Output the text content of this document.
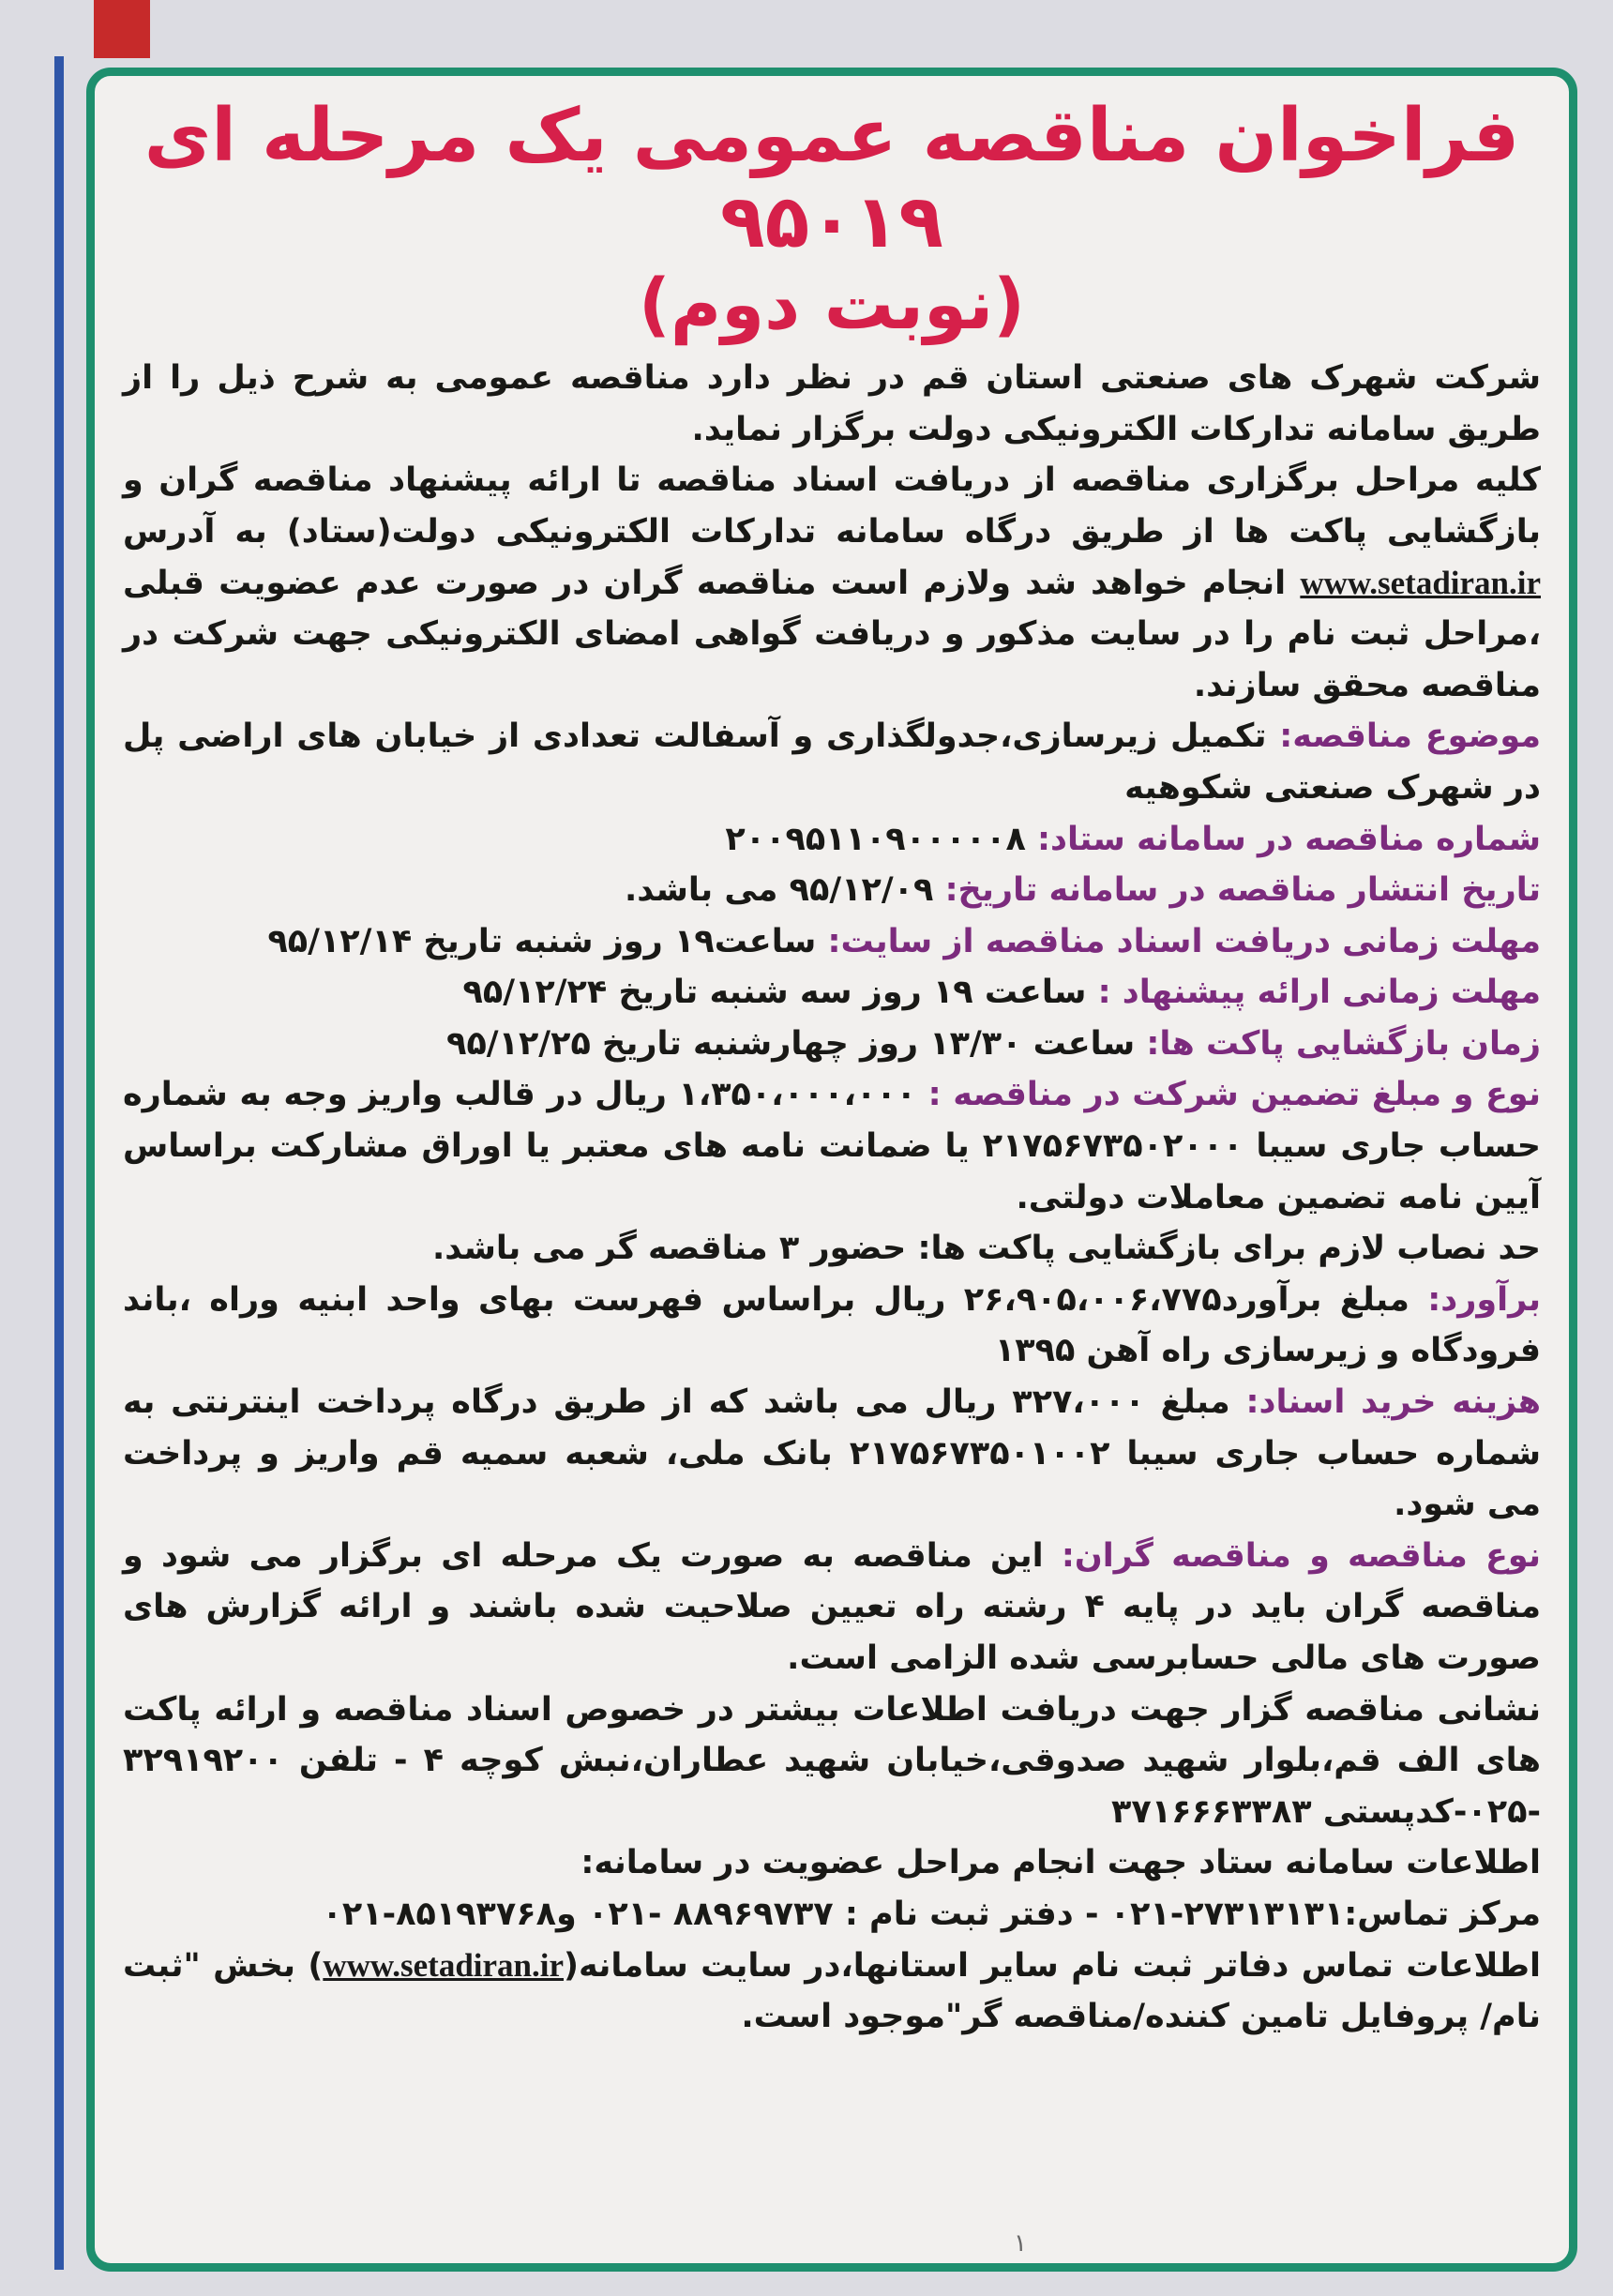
فراخوان مناقصه عمومی یک مرحله ای ۹۵۰۱۹
(نوبت دوم)

شرکت شهرک های صنعتی استان قم در نظر دارد مناقصه عمومی به شرح ذیل را از طریق سامانه تدارکات الکترونیکی دولت برگزار نماید.

کلیه مراحل برگزاری مناقصه از دریافت اسناد مناقصه تا ارائه پیشنهاد مناقصه گران و بازگشایی پاکت ها از طریق درگاه سامانه تدارکات الکترونیکی دولت(ستاد) به آدرس www.setadiran.ir انجام خواهد شد ولازم است مناقصه گران در صورت عدم عضویت قبلی ،مراحل ثبت نام را در سایت مذکور و دریافت گواهی امضای الکترونیکی جهت شرکت در مناقصه محقق سازند.

موضوع مناقصه: تکمیل زیرسازی،جدولگذاری و آسفالت تعدادی از خیابان های اراضی پل در شهرک صنعتی شکوهیه

شماره مناقصه در سامانه ستاد: ۲۰۰۹۵۱۱۰۹۰۰۰۰۰۸

تاریخ انتشار مناقصه در سامانه تاریخ: ۹۵/۱۲/۰۹ می باشد.

مهلت زمانی دریافت اسناد مناقصه از سایت: ساعت۱۹ روز شنبه تاریخ ۹۵/۱۲/۱۴

مهلت زمانی ارائه پیشنهاد : ساعت ۱۹ روز سه شنبه تاریخ ۹۵/۱۲/۲۴

زمان بازگشایی پاکت ها: ساعت ۱۳/۳۰ روز چهارشنبه تاریخ ۹۵/۱۲/۲۵

نوع و مبلغ تضمین شرکت در مناقصه : ۱،۳۵۰،۰۰۰،۰۰۰ ریال در قالب واریز وجه به شماره حساب جاری سیبا ۲۱۷۵۶۷۳۵۰۲۰۰۰ یا ضمانت نامه های معتبر یا اوراق مشارکت براساس آیین نامه تضمین معاملات دولتی.

حد نصاب لازم برای بازگشایی پاکت ها: حضور ۳ مناقصه گر می باشد.

برآورد: مبلغ برآورد۲۶،۹۰۵،۰۰۶،۷۷۵ ریال براساس فهرست بهای واحد ابنیه وراه ،باند فرودگاه و زیرسازی راه آهن ۱۳۹۵

هزینه خرید اسناد: مبلغ ۳۲۷،۰۰۰ ریال می باشد که از طریق درگاه پرداخت اینترنتی به شماره حساب جاری سیبا ۲۱۷۵۶۷۳۵۰۱۰۰۲ بانک ملی، شعبه سمیه قم واریز و پرداخت می شود.

نوع مناقصه و مناقصه گران: این مناقصه به صورت یک مرحله ای برگزار می شود و مناقصه گران باید در پایه ۴ رشته راه تعیین صلاحیت شده باشند و ارائه گزارش های صورت های مالی حسابرسی شده الزامی است.

نشانی مناقصه گزار جهت دریافت اطلاعات بیشتر در خصوص اسناد مناقصه و ارائه پاکت های الف قم،بلوار شهید صدوقی،خیابان شهید عطاران،نبش کوچه ۴ - تلفن ۳۲۹۱۹۲۰۰ -۰۲۵-کدپستی ۳۷۱۶۶۶۳۳۸۳

اطلاعات سامانه ستاد جهت انجام مراحل عضویت در سامانه:

مرکز تماس:۲۷۳۱۳۱۳۱-۰۲۱ - دفتر ثبت نام : ۸۸۹۶۹۷۳۷ -۰۲۱ و۸۵۱۹۳۷۶۸-۰۲۱

اطلاعات تماس دفاتر ثبت نام سایر استانها،در سایت سامانه(www.setadiran.ir) بخش "ثبت نام/ پروفایل تامین کننده/مناقصه گر"موجود است.

١
